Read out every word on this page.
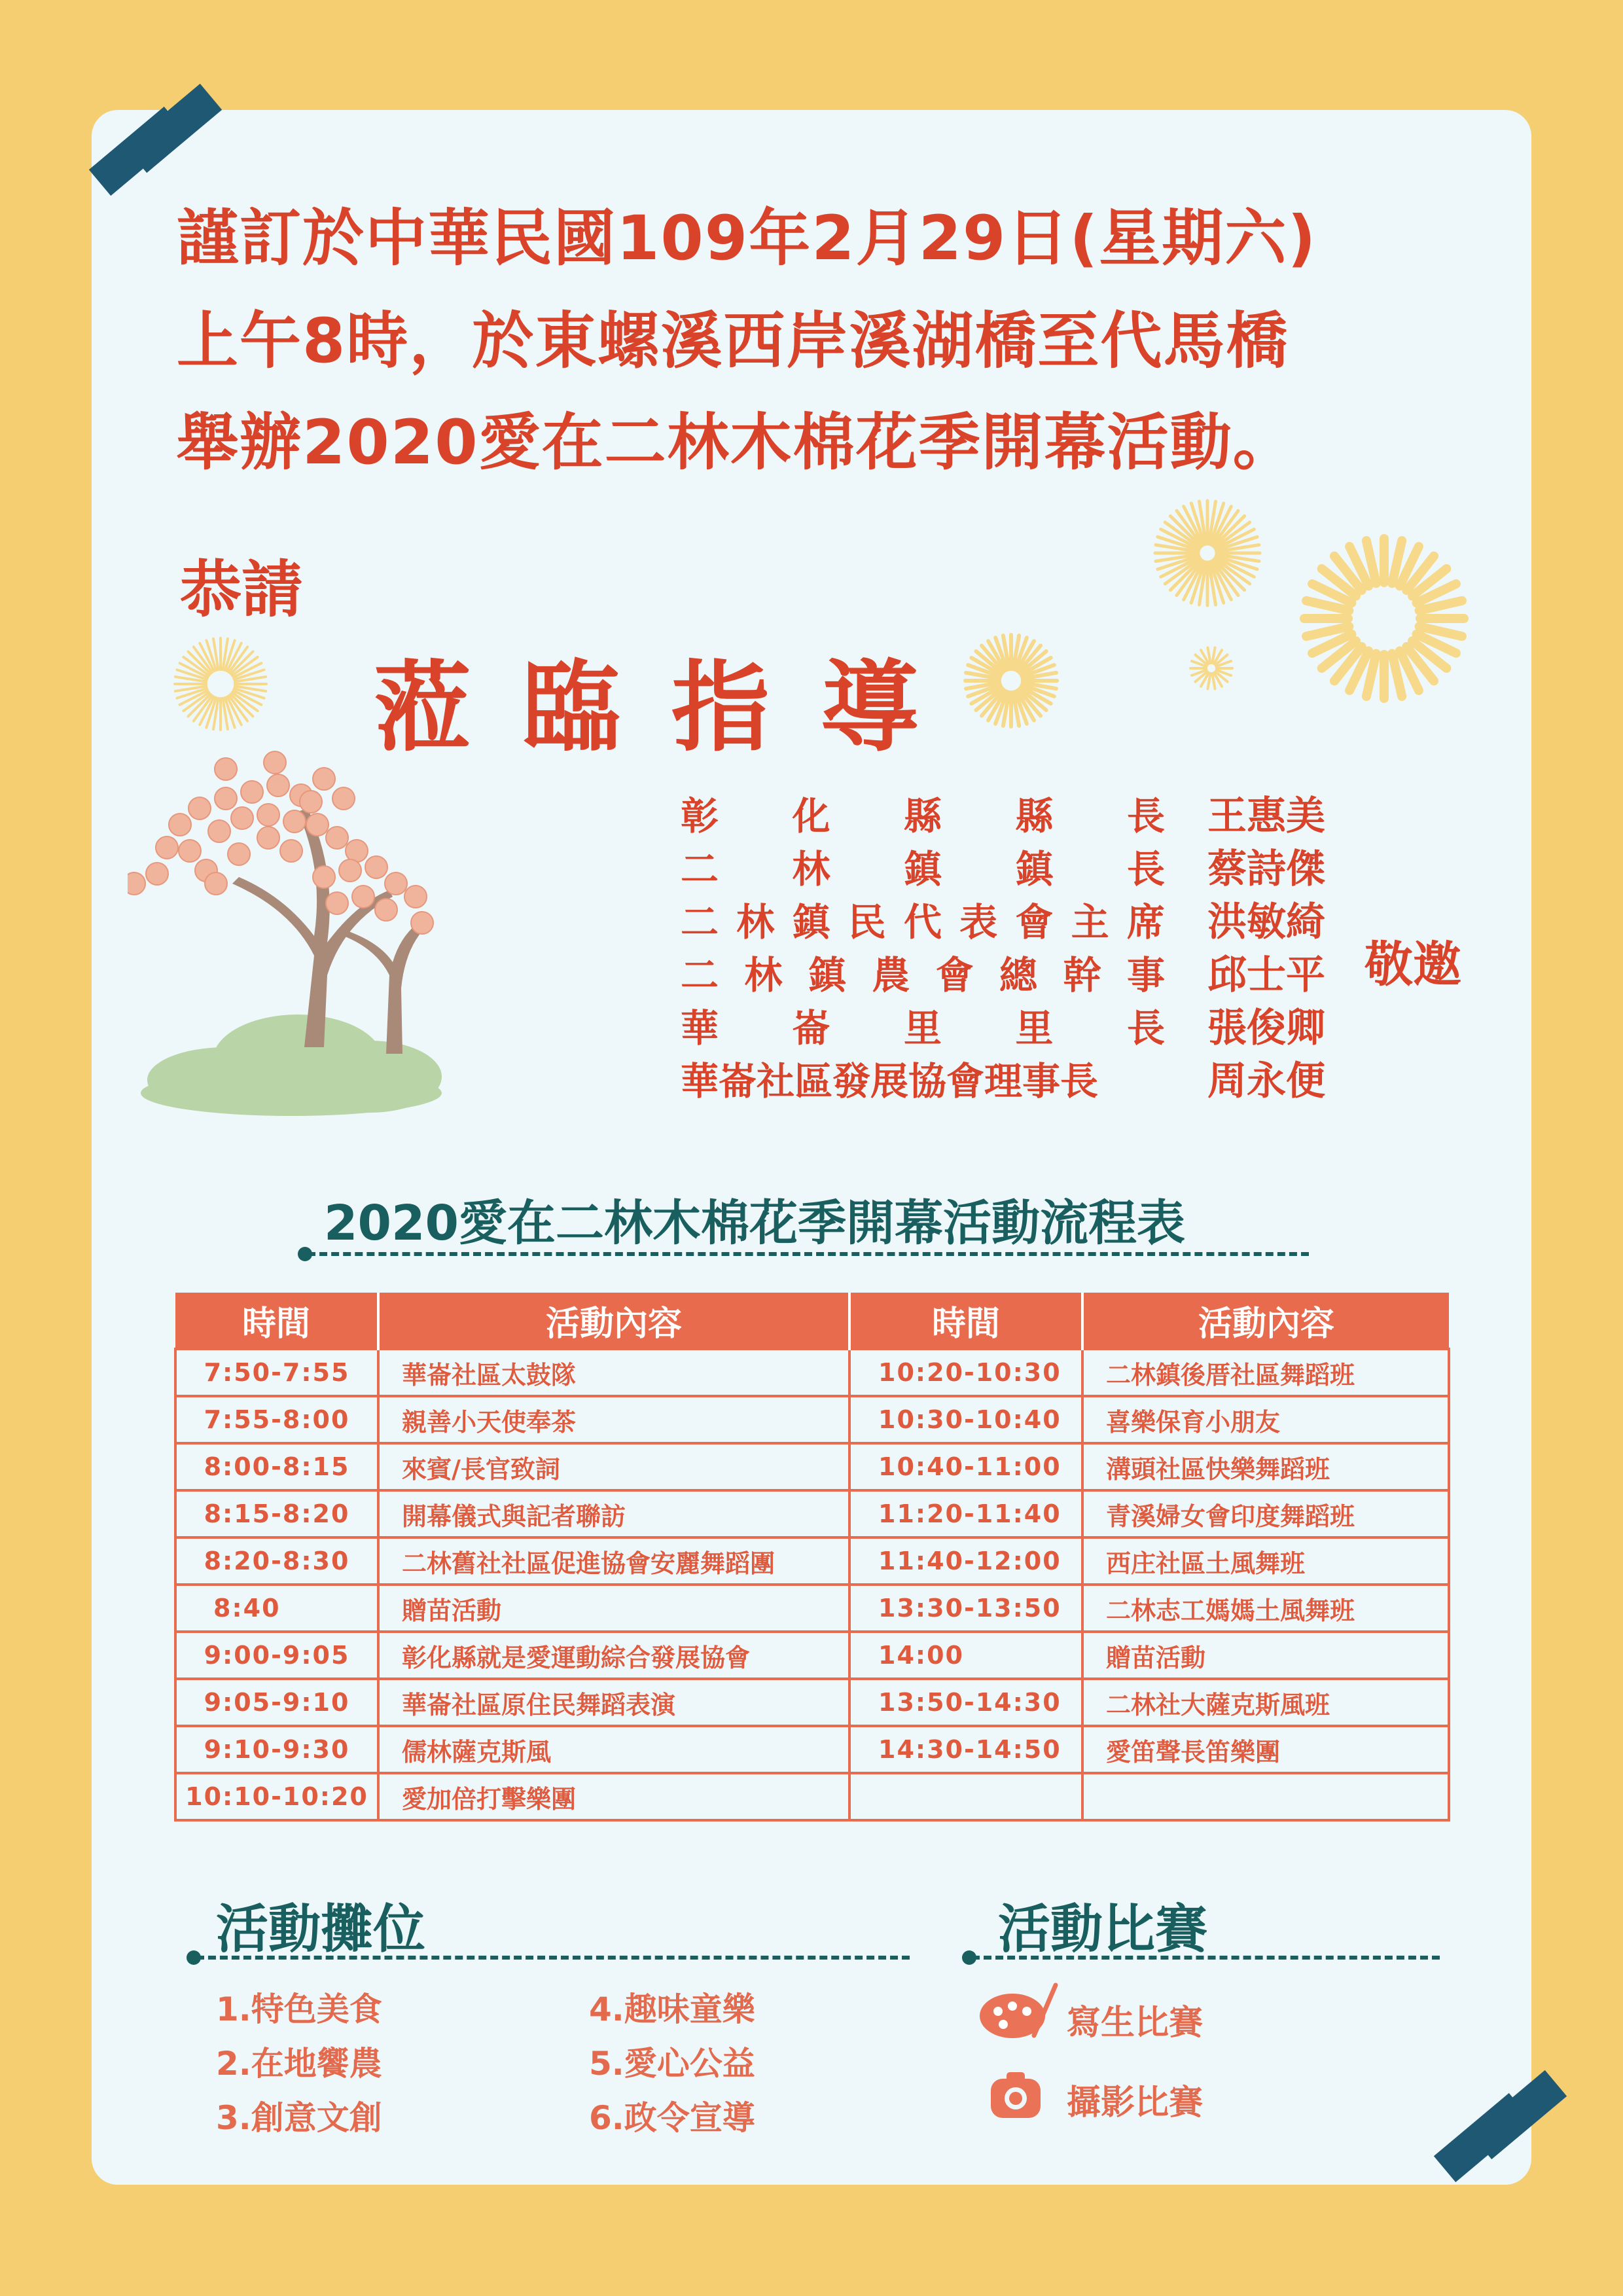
謹訂於中華民國109年2月29日(星期六)
上午8時，於東螺溪西岸溪湖橋至代馬橋
舉辦2020愛在二林木棉花季開幕活動。
恭請
蒞臨指導
彰 化 縣 縣 長 王惠美
二 林 鎮 鎮 長 蔡詩傑
二 林 鎮 民 代 表 會 主 席 洪敏綺
二 林 鎮 農 會 總 幹 事 邱士平
華 崙 里 里 長 張俊卿
華崙社區發展協會理事長	周永便
敬邀
2020愛在二林木棉花季開幕活動流程表
時間	活動內容	時間	活動內容
7:50-7:55	華崙社區太鼓隊	10:20-10:30	二林鎮後厝社區舞蹈班
7:55-8:00	親善小天使奉茶	10:30-10:40	喜樂保育小朋友
8:00-8:15	來賓/長官致詞	10:40-11:00	溝頭社區快樂舞蹈班
8:15-8:20	開幕儀式與記者聯訪	11:20-11:40	青溪婦女會印度舞蹈班
8:20-8:30	二林舊社社區促進協會安麗舞蹈團	11:40-12:00	西庄社區土風舞班
8:40	贈苗活動	13:30-13:50	二林志工媽媽土風舞班
9:00-9:05	彰化縣就是愛運動綜合發展協會	14:00	贈苗活動
9:05-9:10	華崙社區原住民舞蹈表演	13:50-14:30	二林社大薩克斯風班
9:10-9:30	儒林薩克斯風	14:30-14:50	愛笛聲長笛樂團
10:10-10:20	愛加倍打擊樂團		
活動攤位
1.特色美食
2.在地饗農
3.創意文創
4.趣味童樂
5.愛心公益
6.政令宣導
活動比賽
寫生比賽
攝影比賽
